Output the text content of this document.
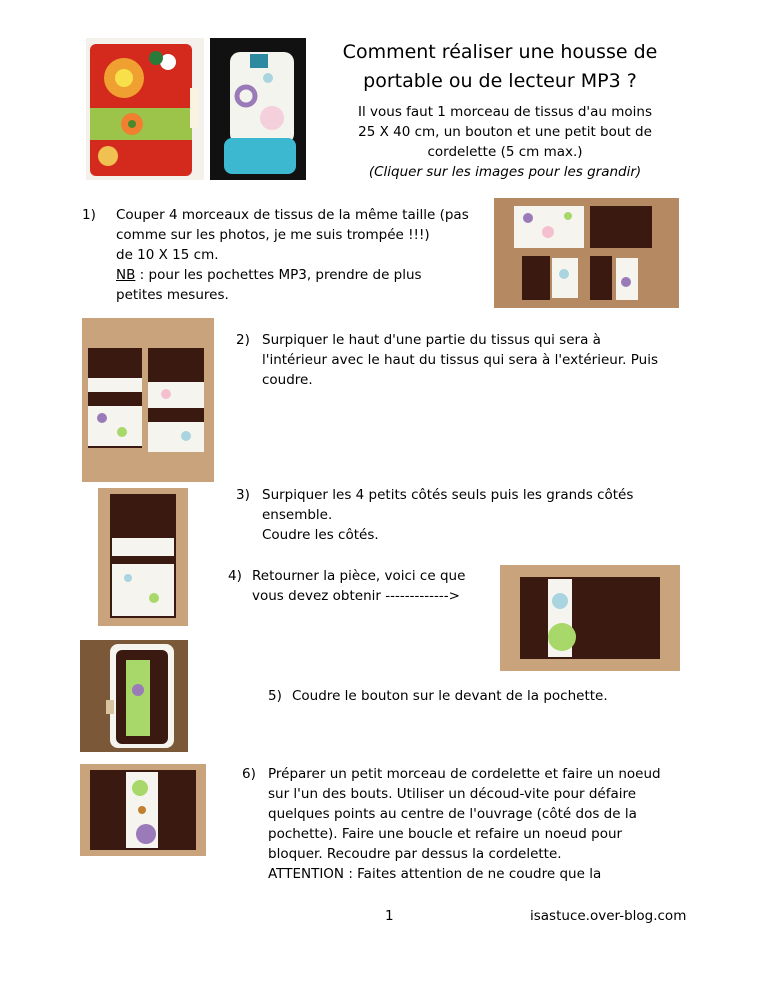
Comment réaliser une housse de
portable ou de lecteur MP3 ?
Il vous faut 1 morceau de tissus d'au moins
25 X 40 cm, un bouton et une petit bout de
cordelette (5 cm max.)
(Cliquer sur les images pour les grandir)
1) Couper 4 morceaux de tissus de la même taille (pas
comme sur les photos, je me suis trompée !!!)
de 10 X 15 cm.
NB : pour les pochettes MP3, prendre de plus
petites mesures.
2) Surpiquer le haut d'une partie du tissus qui sera à
l'intérieur avec le haut du tissus qui sera à l'extérieur. Puis
coudre.
3) Surpiquer les 4 petits côtés seuls puis les grands côtés
ensemble.
Coudre les côtés.
4) Retourner la pièce, voici ce que
vous devez obtenir ------------->
5) Coudre le bouton sur le devant de la pochette.
6) Préparer un petit morceau de cordelette et faire un noeud
sur l'un des bouts. Utiliser un découd-vite pour défaire
quelques points au centre de l'ouvrage (côté dos de la
pochette). Faire une boucle et refaire un noeud pour
bloquer. Recoudre par dessus la cordelette.
ATTENTION : Faites attention de ne coudre que la
1	isastuce.over-blog.com
